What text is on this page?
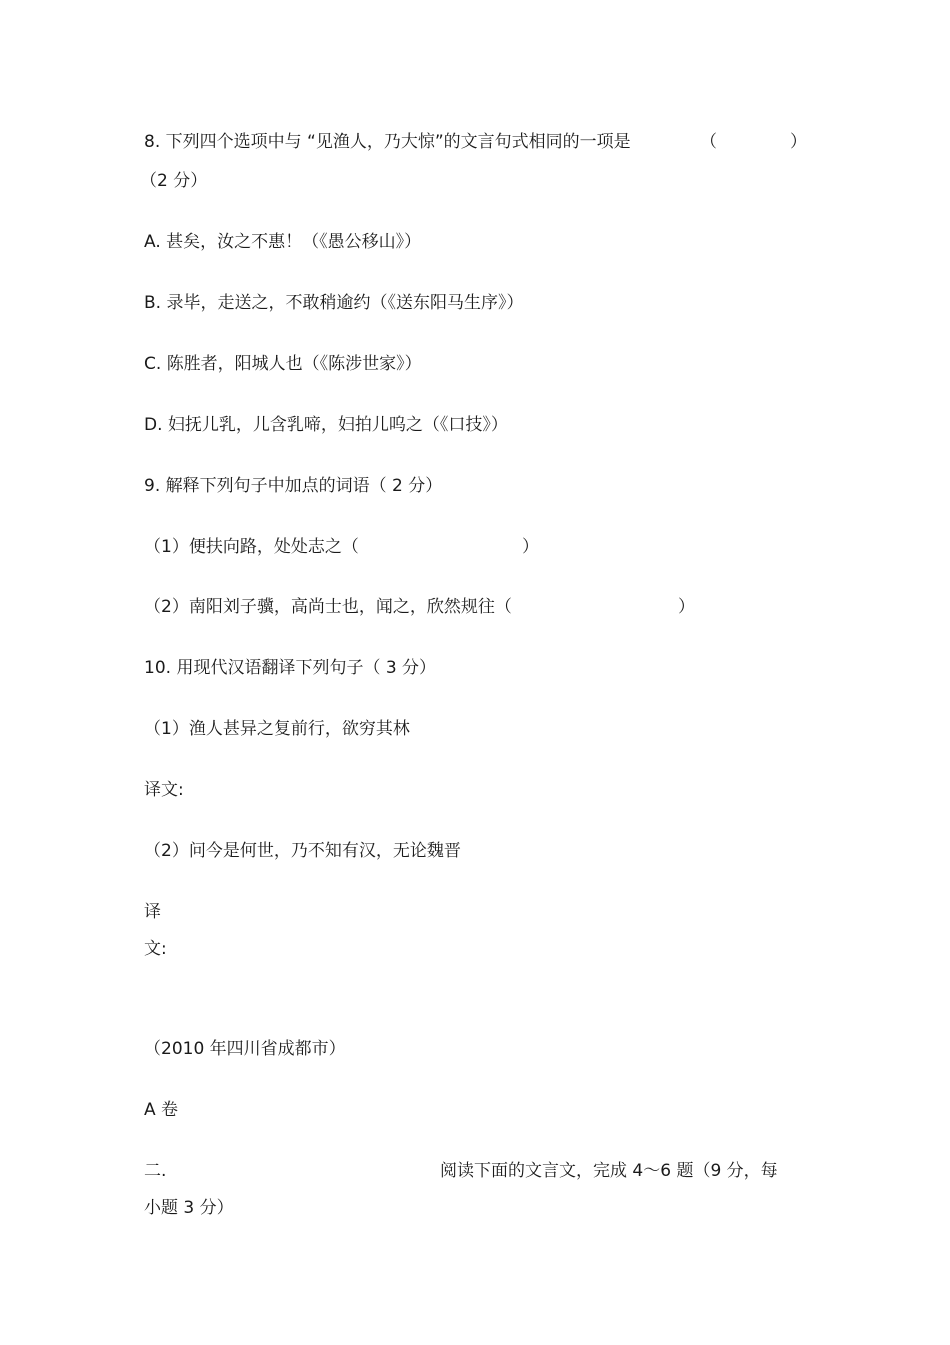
8. 下列四个选项中与 “见渔人，乃大惊”的文言句式相同的一项是	（	）
（2 分）
A. 甚矣，汝之不惠！（《愚公移山》）
B. 录毕，走送之，不敢稍逾约（《送东阳马生序》）
C. 陈胜者，阳城人也（《陈涉世家》）
D. 妇抚儿乳，儿含乳啼，妇拍儿呜之（《口技》）
9. 解释下列句子中加点的词语（ 2 分）
（1）便扶向路，处处志之（	）
（2）南阳刘子骥，高尚士也，闻之，欣然规往（	）
10. 用现代汉语翻译下列句子（ 3 分）
（1）渔人甚异之复前行，欲穷其林
译文:
（2）问今是何世，乃不知有汉，无论魏晋
译
文:
（2010 年四川省成都市）
A 卷
二.	阅读下面的文言文，完成 4～6 题（9 分，每
小题 3 分）
